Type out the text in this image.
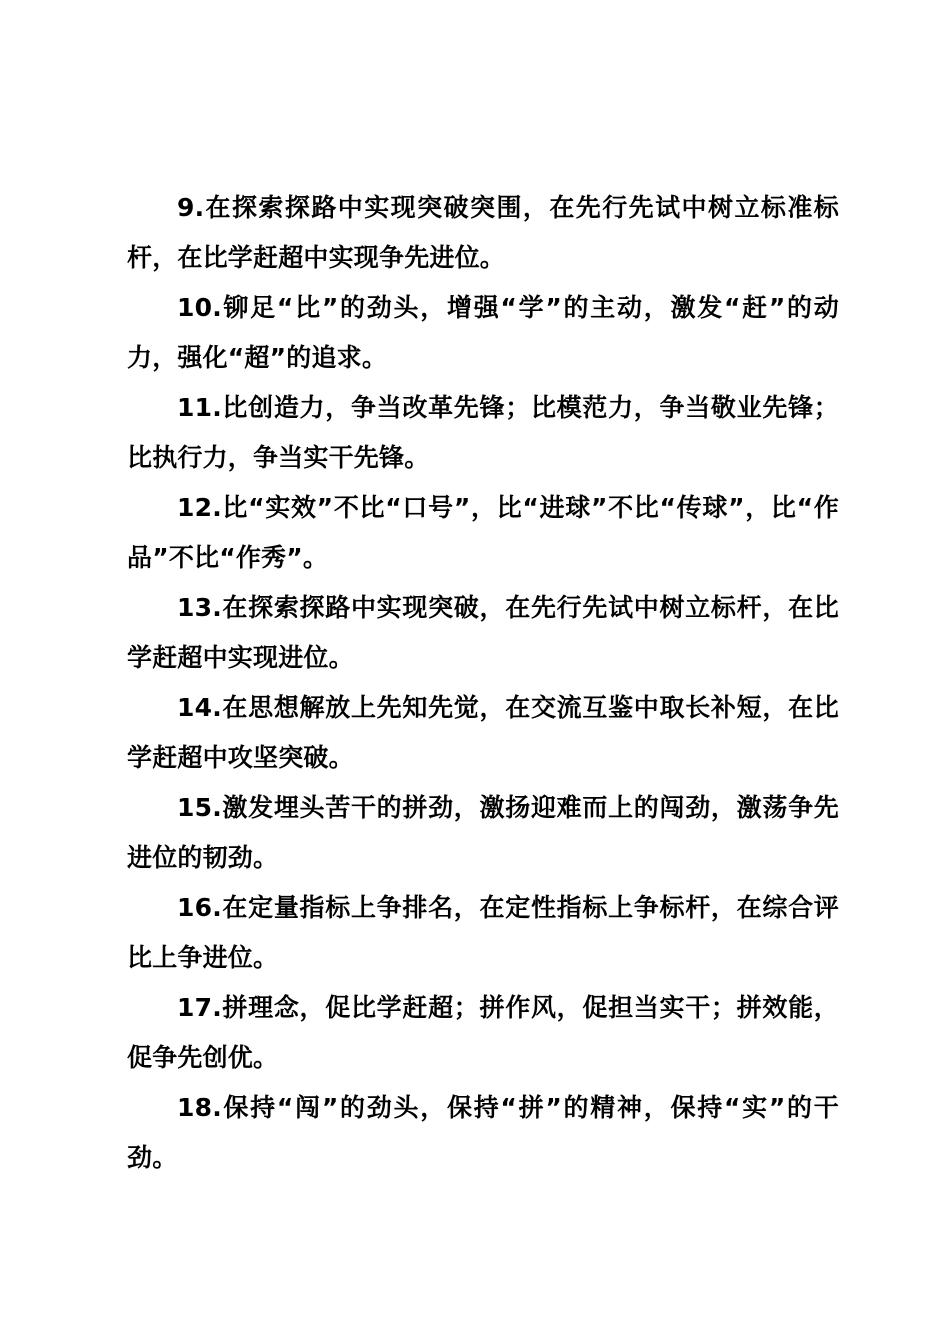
9.在探索探路中实现突破突围，在先行先试中树立标准标杆，在比学赶超中实现争先进位。

10.铆足“比”的劲头，增强“学”的主动，激发“赶”的动力，强化“超”的追求。

11.比创造力，争当改革先锋；比模范力，争当敬业先锋；比执行力，争当实干先锋。

12.比“实效”不比“口号”，比“进球”不比“传球”，比“作品”不比“作秀”。

13.在探索探路中实现突破，在先行先试中树立标杆，在比学赶超中实现进位。

14.在思想解放上先知先觉，在交流互鉴中取长补短，在比学赶超中攻坚突破。

15.激发埋头苦干的拼劲，激扬迎难而上的闯劲，激荡争先进位的韧劲。

16.在定量指标上争排名，在定性指标上争标杆，在综合评比上争进位。

17.拼理念，促比学赶超；拼作风，促担当实干；拼效能，促争先创优。

18.保持“闯”的劲头，保持“拼”的精神，保持“实”的干劲。
